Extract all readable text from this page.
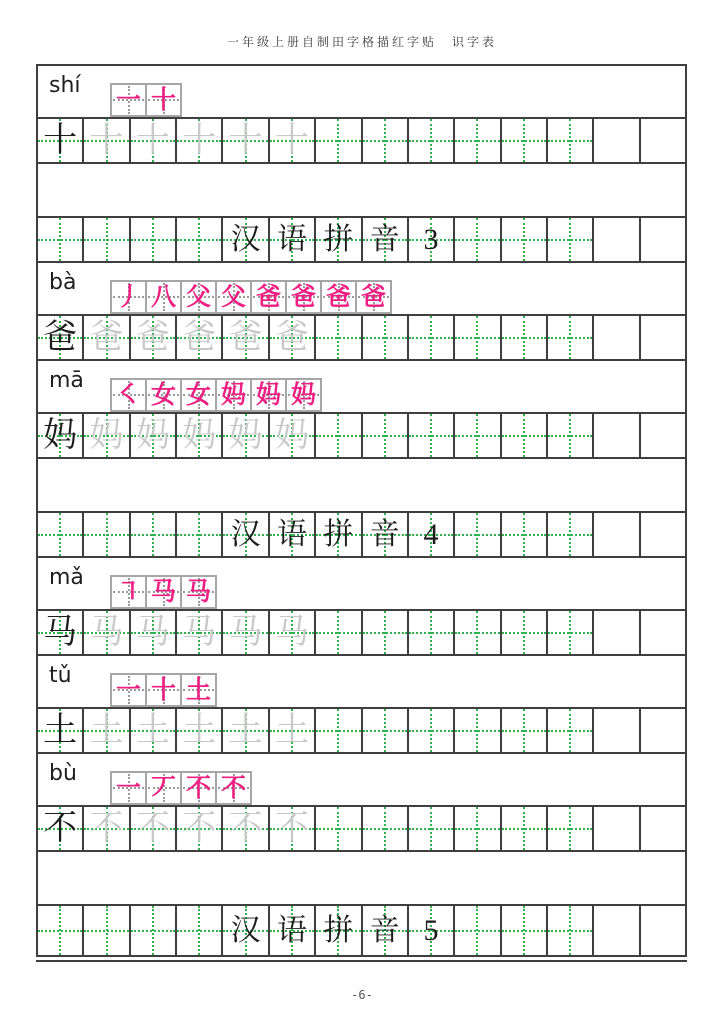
一年级上册自制田字格描红字贴　识字表
shí
一 十
十 十 十 十 十 十
汉 语 拼 音 3
bà
丿 八 父 父 爸 爸 爸 爸
爸 爸 爸 爸 爸 爸
mā
㇛ 女 女 妈 妈 妈
妈 妈 妈 妈 妈 妈
汉 语 拼 音 4
mǎ
㇕ 马 马
马 马 马 马 马 马
tǔ
一 十 土
土 土 土 土 土 土
bù
一 丆 不 不
不 不 不 不 不 不
汉 语 拼 音 5
-6-
